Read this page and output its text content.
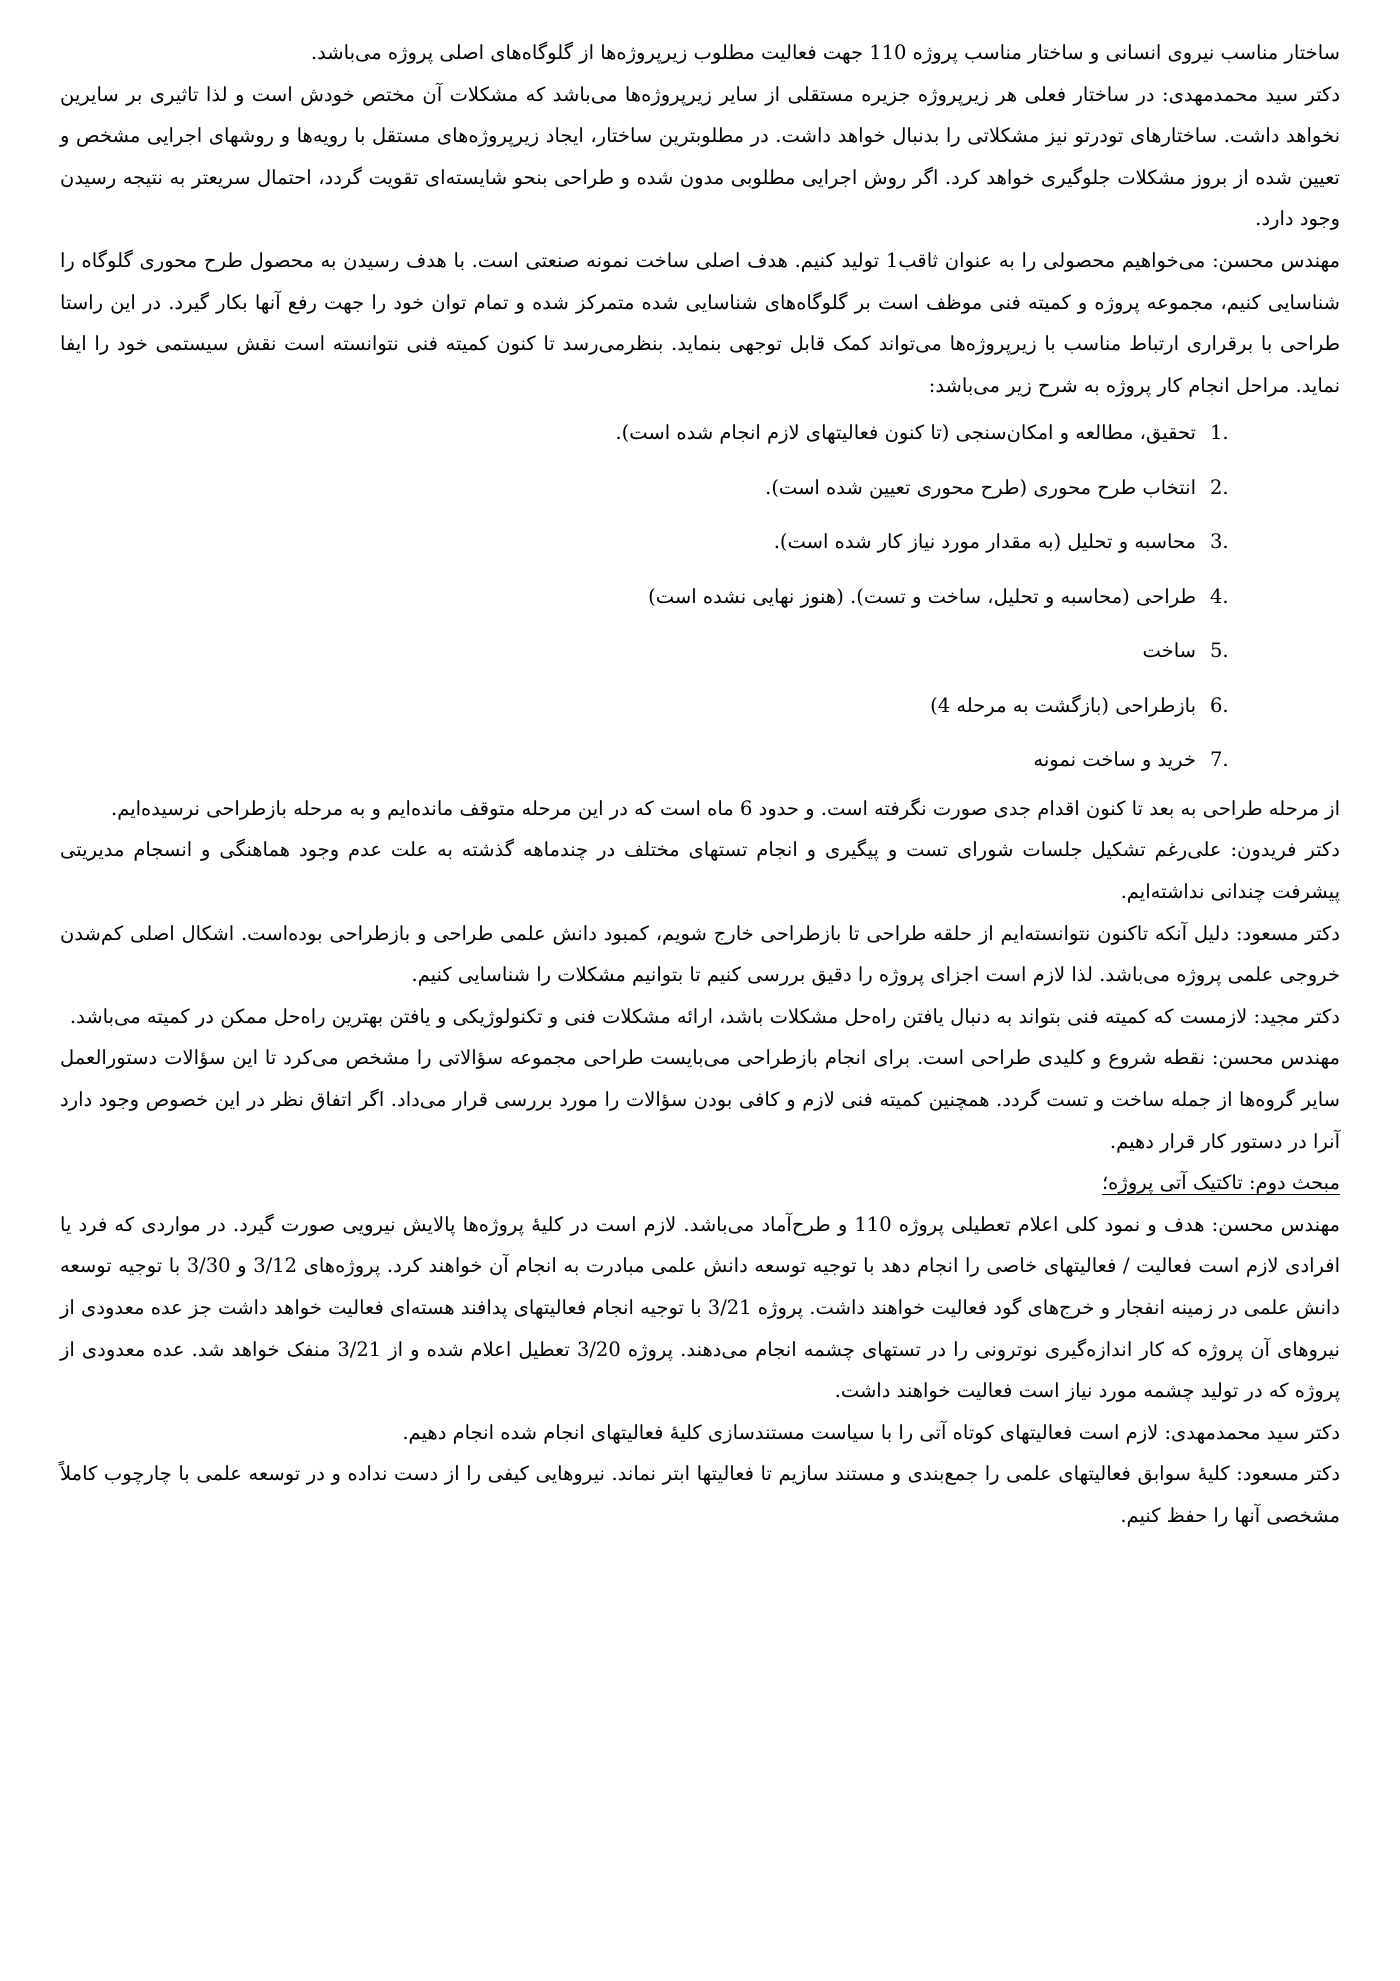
ساختار مناسب نیروی انسانی و ساختار مناسب پروژه 110 جهت فعالیت مطلوب زیرپروژه‌ها از گلوگاه‌های اصلی پروژه می‌باشد.

دکتر سید محمدمهدی: در ساختار فعلی هر زیرپروژه جزیره مستقلی از سایر زیرپروژه‌ها می‌باشد که مشکلات آن مختص خودش است و لذا تاثیری بر سایرین نخواهد داشت. ساختارهای تودرتو نیز مشکلاتی را بدنبال خواهد داشت. در مطلوبترین ساختار، ایجاد زیرپروژه‌های مستقل با رویه‌ها و روشهای اجرایی مشخص و تعیین شده از بروز مشکلات جلوگیری خواهد کرد. اگر روش اجرایی مطلوبی مدون شده و طراحی بنحو شایسته‌ای تقویت گردد، احتمال سریعتر به نتیجه رسیدن وجود دارد.

مهندس محسن: می‌خواهیم محصولی را به عنوان ثاقب1 تولید کنیم. هدف اصلی ساخت نمونه صنعتی است. با هدف رسیدن به محصول طرح محوری گلوگاه را شناسایی کنیم، مجموعه پروژه و کمیته فنی موظف است بر گلوگاه‌های شناسایی شده متمرکز شده و تمام توان خود را جهت رفع آنها بکار گیرد. در این راستا طراحی با برقراری ارتباط مناسب با زیرپروژه‌ها می‌تواند کمک قابل توجهی بنماید. بنظرمی‌رسد تا کنون کمیته فنی نتوانسته است نقش سیستمی خود را ایفا نماید. مراحل انجام کار پروژه به شرح زیر می‌باشد:

1.
تحقیق، مطالعه و امکان‌سنجی (تا کنون فعالیتهای لازم انجام شده است).
2.
انتخاب طرح محوری (طرح محوری تعیین شده است).
3.
محاسبه و تحلیل (به مقدار مورد نیاز کار شده است).
4.
طراحی (محاسبه و تحلیل، ساخت و تست). (هنوز نهایی نشده است)
5.
ساخت
6.
بازطراحی (بازگشت به مرحله 4)
7.
خرید و ساخت نمونه

از مرحله طراحی به بعد تا کنون اقدام جدی صورت نگرفته است. و حدود 6 ماه است که در این مرحله متوقف مانده‌ایم و به مرحله بازطراحی نرسیده‌ایم.

دکتر فریدون: علی‌رغم تشکیل جلسات شورای تست و پیگیری و انجام تستهای مختلف در چندماهه گذشته به علت عدم وجود هماهنگی و انسجام مدیریتی پیشرفت چندانی نداشته‌ایم.

دکتر مسعود: دلیل آنکه تاکنون نتوانسته‌ایم از حلقه طراحی تا بازطراحی خارج شویم، کمبود دانش علمی طراحی و بازطراحی بوده‌است. اشکال اصلی کم‌شدن خروجی علمی پروژه می‌باشد. لذا لازم است اجزای پروژه را دقیق بررسی کنیم تا بتوانیم مشکلات را شناسایی کنیم.

دکتر مجید: لازمست که کمیته فنی بتواند به دنبال یافتن راه‌حل مشکلات باشد، ارائه مشکلات فنی و تکنولوژیکی و یافتن بهترین راه‌حل ممکن در کمیته می‌باشد.

مهندس محسن: نقطه شروع و کلیدی طراحی است. برای انجام بازطراحی می‌بایست طراحی مجموعه سؤالاتی را مشخص می‌کرد تا این سؤالات دستورالعمل سایر گروه‌ها از جمله ساخت و تست گردد. همچنین کمیته فنی لازم و کافی بودن سؤالات را مورد بررسی قرار می‌داد. اگر اتفاق نظر در این خصوص وجود دارد آنرا در دستور کار قرار دهیم.

مبحث دوم: تاکتیک آتی پروژه؛

مهندس محسن: هدف و نمود کلی اعلام تعطیلی پروژه 110 و طرح‌آماد می‌باشد. لازم است در کلیهٔ پروژه‌ها پالایش نیرویی صورت گیرد. در مواردی که فرد یا افرادی لازم است فعالیت / فعالیتهای خاصی را انجام دهد با توجیه توسعه دانش علمی مبادرت به انجام آن خواهند کرد. پروژه‌های 3/12 و 3/30 با توجیه توسعه دانش علمی در زمینه انفجار و خرج‌های گود فعالیت خواهند داشت. پروژه 3/21 با توجیه انجام فعالیتهای پدافند هسته‌ای فعالیت خواهد داشت جز عده معدودی از نیروهای آن پروژه که کار اندازه‌گیری نوترونی را در تستهای چشمه انجام می‌دهند. پروژه 3/20 تعطیل اعلام شده و از 3/21 منفک خواهد شد. عده معدودی از پروژه که در تولید چشمه مورد نیاز است فعالیت خواهند داشت.

دکتر سید محمدمهدی: لازم است فعالیتهای کوتاه آتی را با سیاست مستندسازی کلیهٔ فعالیتهای انجام شده انجام دهیم.

دکتر مسعود: کلیهٔ سوابق فعالیتهای علمی را جمع‌بندی و مستند سازیم تا فعالیتها ابتر نماند. نیروهایی کیفی را از دست نداده و در توسعه علمی با چارچوب کاملاً مشخصی آنها را حفظ کنیم.
